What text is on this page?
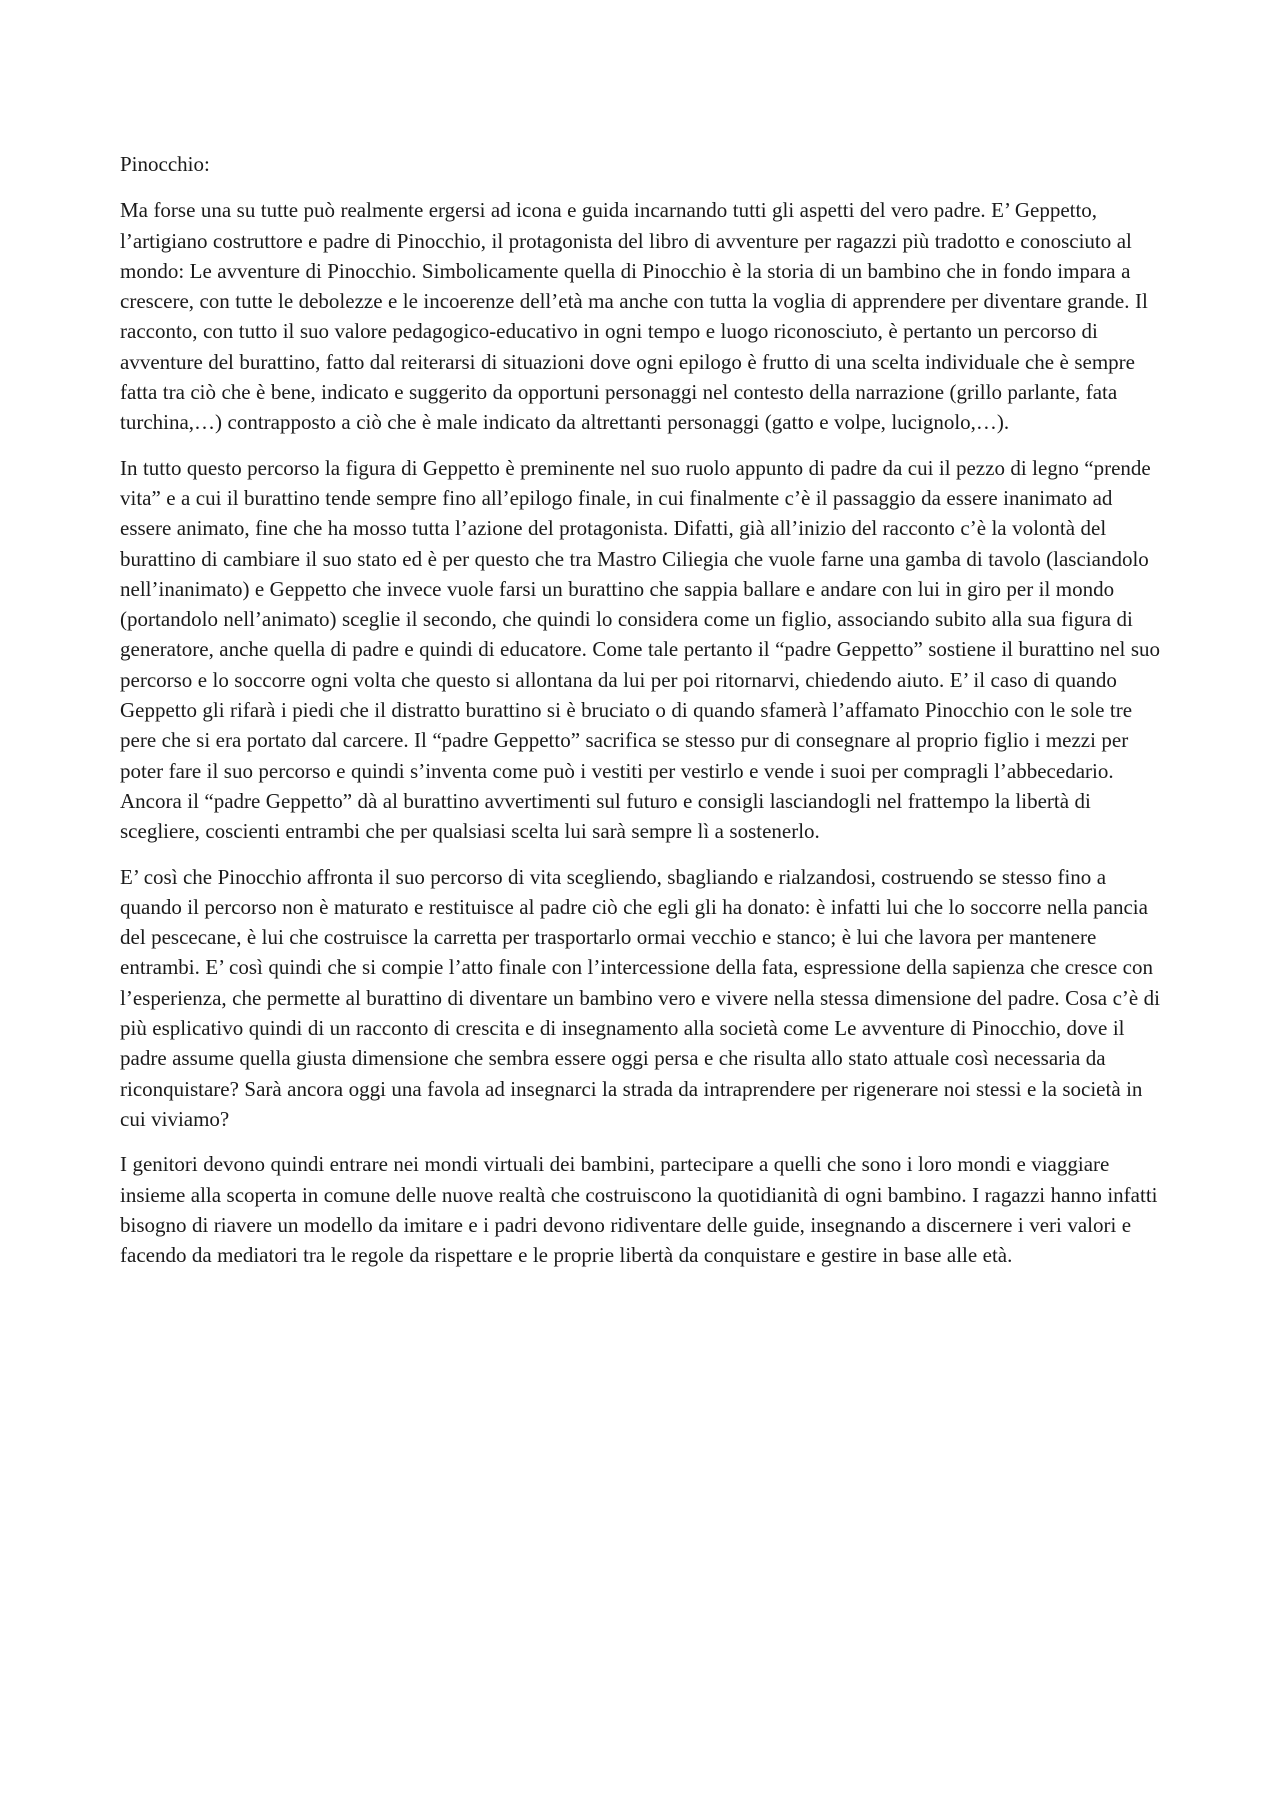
Pinocchio:

Ma forse una su tutte può realmente ergersi ad icona e guida incarnando tutti gli aspetti del vero padre. E’ Geppetto, l’artigiano costruttore e padre di Pinocchio, il protagonista del libro di avventure per ragazzi più tradotto e conosciuto al mondo: Le avventure di Pinocchio. Simbolicamente quella di Pinocchio è la storia di un bambino che in fondo impara a crescere, con tutte le debolezze e le incoerenze dell’età ma anche con tutta la voglia di apprendere per diventare grande. Il racconto, con tutto il suo valore pedagogico-educativo in ogni tempo e luogo riconosciuto, è pertanto un percorso di avventure del burattino, fatto dal reiterarsi di situazioni dove ogni epilogo è frutto di una scelta individuale che è sempre fatta tra ciò che è bene, indicato e suggerito da opportuni personaggi nel contesto della narrazione (grillo parlante, fata turchina,…) contrapposto a ciò che è male indicato da altrettanti personaggi (gatto e volpe, lucignolo,…).

In tutto questo percorso la figura di Geppetto è preminente nel suo ruolo appunto di padre da cui il pezzo di legno “prende vita” e a cui il burattino tende sempre fino all’epilogo finale, in cui finalmente c’è il passaggio da essere inanimato ad essere animato, fine che ha mosso tutta l’azione del protagonista. Difatti, già all’inizio del racconto c’è la volontà del burattino di cambiare il suo stato ed è per questo che tra Mastro Ciliegia che vuole farne una gamba di tavolo (lasciandolo nell’inanimato) e Geppetto che invece vuole farsi un burattino che sappia ballare e andare con lui in giro per il mondo (portandolo nell’animato) sceglie il secondo, che quindi lo considera come un figlio, associando subito alla sua figura di generatore, anche quella di padre e quindi di educatore. Come tale pertanto il “padre Geppetto” sostiene il burattino nel suo percorso e lo soccorre ogni volta che questo si allontana da lui per poi ritornarvi, chiedendo aiuto. E’ il caso di quando Geppetto gli rifarà i piedi che il distratto burattino si è bruciato o di quando sfamerà l’affamato Pinocchio con le sole tre pere che si era portato dal carcere. Il “padre Geppetto” sacrifica se stesso pur di consegnare al proprio figlio i mezzi per poter fare il suo percorso e quindi s’inventa come può i vestiti per vestirlo e vende i suoi per compragli l’abbecedario. Ancora il “padre Geppetto” dà al burattino avvertimenti sul futuro e consigli lasciandogli nel frattempo la libertà di scegliere, coscienti entrambi che per qualsiasi scelta lui sarà sempre lì a sostenerlo.

E’ così che Pinocchio affronta il suo percorso di vita scegliendo, sbagliando e rialzandosi, costruendo se stesso fino a quando il percorso non è maturato e restituisce al padre ciò che egli gli ha donato: è infatti lui che lo soccorre nella pancia del pescecane, è lui che costruisce la carretta per trasportarlo ormai vecchio e stanco; è lui che lavora per mantenere entrambi. E’ così quindi che si compie l’atto finale con l’intercessione della fata, espressione della sapienza che cresce con l’esperienza, che permette al burattino di diventare un bambino vero e vivere nella stessa dimensione del padre. Cosa c’è di più esplicativo quindi di un racconto di crescita e di insegnamento alla società come Le avventure di Pinocchio, dove il padre assume quella giusta dimensione che sembra essere oggi persa e che risulta allo stato attuale così necessaria da riconquistare? Sarà ancora oggi una favola ad insegnarci la strada da intraprendere per rigenerare noi stessi e la società in cui viviamo?

I genitori devono quindi entrare nei mondi virtuali dei bambini, partecipare a quelli che sono i loro mondi e viaggiare insieme alla scoperta in comune delle nuove realtà che costruiscono la quotidianità di ogni bambino. I ragazzi hanno infatti bisogno di riavere un modello da imitare e i padri devono ridiventare delle guide, insegnando a discernere i veri valori e facendo da mediatori tra le regole da rispettare e le proprie libertà da conquistare e gestire in base alle età.
